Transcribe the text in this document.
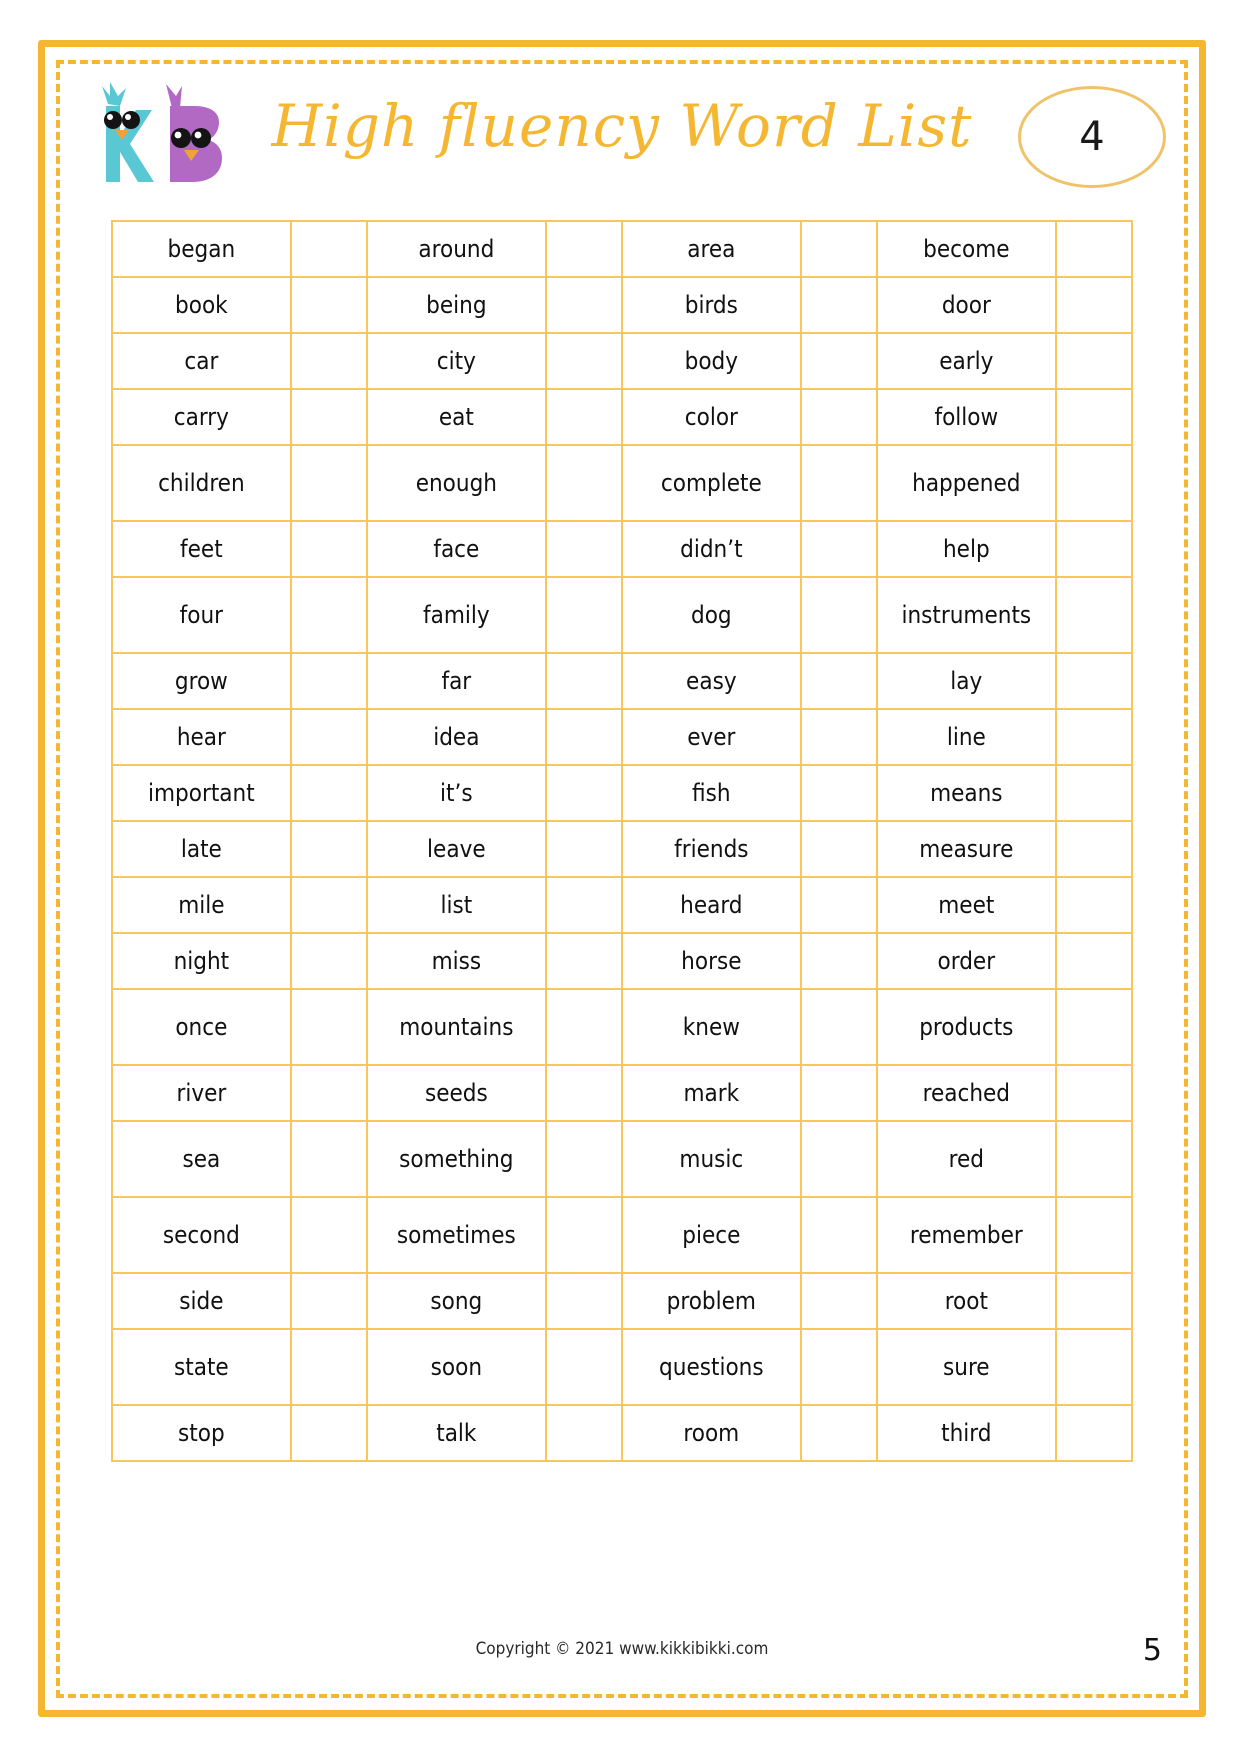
High fluency Word List	4
began		around		area		become	
book		being		birds		door	
car		city		body		early	
carry		eat		color		follow	
children		enough		complete		happened	
feet		face		didn’t		help	
four		family		dog		instruments	
grow		far		easy		lay	
hear		idea		ever		line	
important		it’s		fish		means	
late		leave		friends		measure	
mile		list		heard		meet	
night		miss		horse		order	
once		mountains		knew		products	
river		seeds		mark		reached	
sea		something		music		red	
second		sometimes		piece		remember	
side		song		problem		root	
state		soon		questions		sure	
stop		talk		room		third	
Copyright © 2021 www.kikkibikki.com	5
